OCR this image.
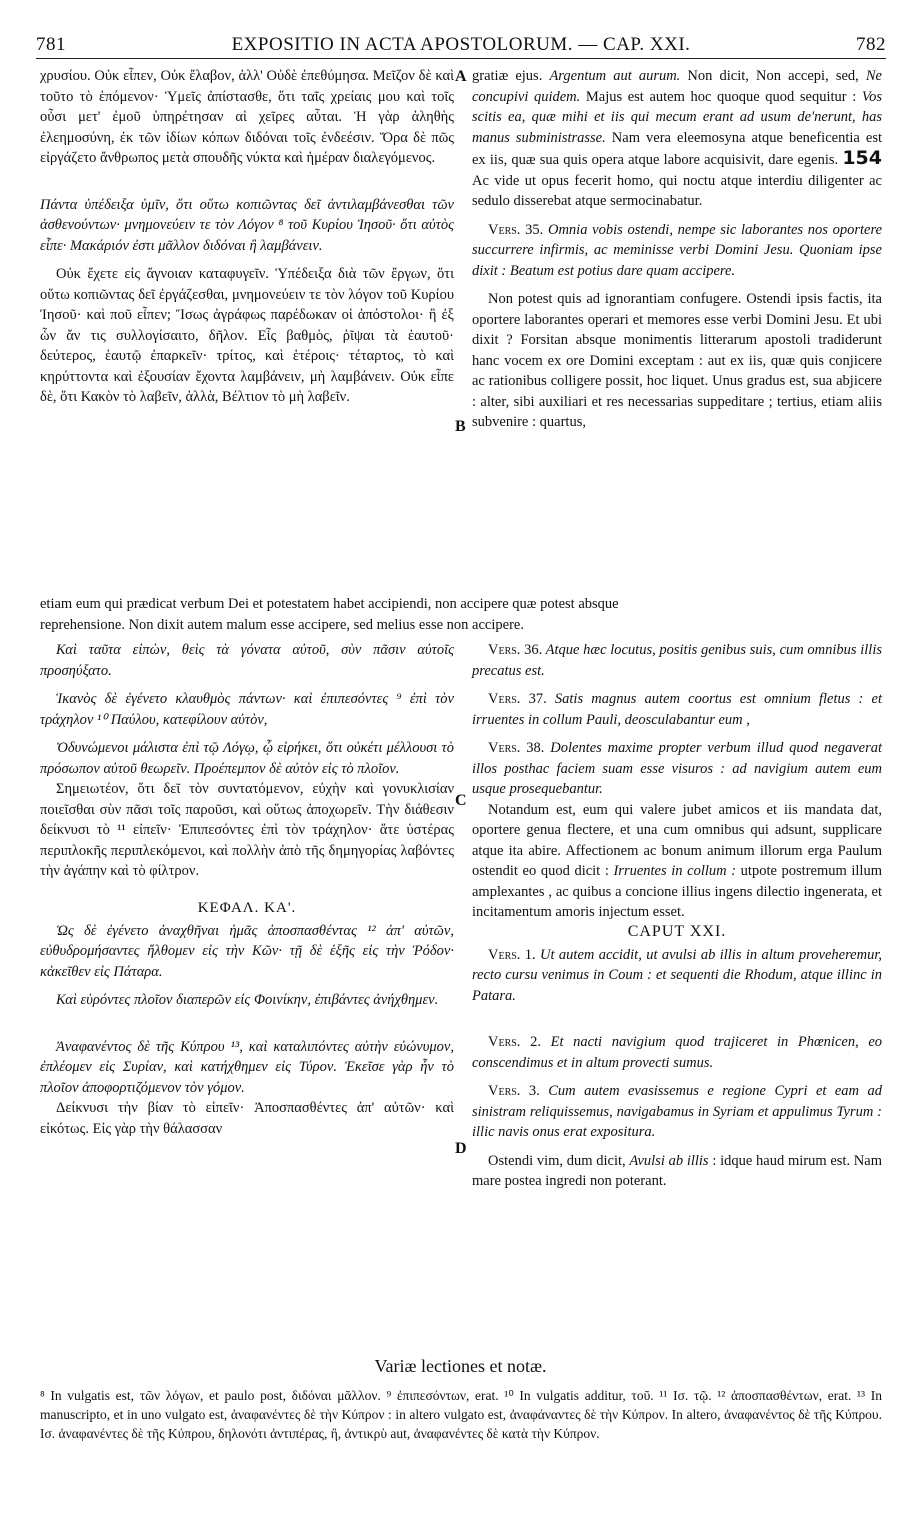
781	EXPOSITIO IN ACTA APOSTOLORUM. — CAP. XXI.	782
A
B
C
D

χρυσίου. Οὐκ εἶπεν, Οὐκ ἔλαβον, ἀλλ' Οὐδὲ ἐπεθύμησα. Μεῖζον δὲ καὶ τοῦτο τὸ ἑπόμενον· Ὑμεῖς ἀπίστασθε, ὅτι ταῖς χρείαις μου καὶ τοῖς οὖσι μετ' ἐμοῦ ὑπηρέτησαν αἱ χεῖρες αὗται. Ἡ γὰρ ἀληθὴς ἐλεημοσύνη, ἐκ τῶν ἰδίων κόπων διδόναι τοῖς ἐνδεέσιν. Ὅρα δὲ πῶς εἰργάζετο ἄνθρωπος μετὰ σπουδῆς νύκτα καὶ ἡμέραν διαλεγόμενος.

Πάντα ὑπέδειξα ὑμῖν, ὅτι οὕτω κοπιῶντας δεῖ ἀντιλαμβάνεσθαι τῶν ἀσθενούντων· μνημονεύειν τε τὸν Λόγον ⁸ τοῦ Κυρίου Ἰησοῦ· ὅτι αὐτὸς εἶπε· Μακάριόν ἐστι μᾶλλον διδόναι ἢ λαμβάνειν.

Οὐκ ἔχετε εἰς ἄγνοιαν καταφυγεῖν. Ὑπέδειξα διὰ τῶν ἔργων, ὅτι οὕτω κοπιῶντας δεῖ ἐργάζεσθαι, μνημονεύειν τε τὸν λόγον τοῦ Κυρίου Ἰησοῦ· καὶ ποῦ εἶπεν; Ἴσως ἀγράφως παρέδωκαν οἱ ἀπόστολοι· ἢ ἐξ ὧν ἄν τις συλλογίσαιτο, δῆλον. Εἷς βαθμὸς, ῥῖψαι τὰ ἑαυτοῦ· δεύτερος, ἑαυτῷ ἐπαρκεῖν· τρίτος, καὶ ἑτέροις· τέταρτος, τὸ καὶ κηρύττοντα καὶ ἐξουσίαν ἔχοντα λαμβάνειν, μὴ λαμβάνειν. Οὐκ εἶπε δὲ, ὅτι Κακὸν τὸ λαβεῖν, ἀλλὰ, Βέλτιον τὸ μὴ λαβεῖν.

gratiæ ejus. Argentum aut aurum. Non dicit, Non accepi, sed, Ne concupivi quidem. Majus est autem hoc quoque quod sequitur : Vos scitis ea, quæ mihi et iis qui mecum erant ad usum de'nerunt, has manus subministrasse. Nam vera eleemosyna atque beneficentia est ex iis, quæ sua quis opera atque labore acquisivit, dare egenis. 154 Ac vide ut opus fecerit homo, qui noctu atque interdiu diligenter ac sedulo disserebat atque sermocinabatur.

Vers. 35. Omnia vobis ostendi, nempe sic laborantes nos oportere succurrere infirmis, ac meminisse verbi Domini Jesu. Quoniam ipse dixit : Beatum est potius dare quam accipere.

Non potest quis ad ignorantiam confugere. Ostendi ipsis factis, ita oportere laborantes operari et memores esse verbi Domini Jesu. Et ubi dixit ? Forsitan absque monimentis litterarum apostoli tradiderunt hanc vocem ex ore Domini exceptam : aut ex iis, quæ quis conjicere ac rationibus colligere possit, hoc liquet. Unus gradus est, sua abjicere : alter, sibi auxiliari et res necessarias suppeditare ; tertius, etiam aliis subvenire : quartus,

etiam eum qui prædicat verbum Dei et potestatem habet accipiendi, non accipere quæ potest absque
reprehensione. Non dixit autem malum esse accipere, sed melius esse non accipere.

Καὶ ταῦτα εἰπὼν, θεὶς τὰ γόνατα αὐτοῦ, σὺν πᾶσιν αὐτοῖς προσηύξατο.

Ἱκανὸς δὲ ἐγένετο κλαυθμὸς πάντων· καὶ ἐπιπεσόντες ⁹ ἐπὶ τὸν τράχηλον ¹⁰ Παύλου, κατεφίλουν αὐτὸν,

Ὀδυνώμενοι μάλιστα ἐπὶ τῷ Λόγῳ, ᾧ εἰρήκει, ὅτι οὐκέτι μέλλουσι τὸ πρόσωπον αὐτοῦ θεωρεῖν. Προέπεμπον δὲ αὐτὸν εἰς τὸ πλοῖον.

Σημειωτέον, ὅτι δεῖ τὸν συντατόμενον, εὐχὴν καὶ γονυκλισίαν ποιεῖσθαι σὺν πᾶσι τοῖς παροῦσι, καὶ οὕτως ἀποχωρεῖν. Τὴν διάθεσιν δείκνυσι τὸ ¹¹ εἰπεῖν· Ἐπιπεσόντες ἐπὶ τὸν τράχηλον· ἅτε ὑστέρας περιπλοκῆς περιπλεκόμενοι, καὶ πολλὴν ἀπὸ τῆς δημηγορίας λαβόντες τὴν ἀγάπην καὶ τὸ φίλτρον.

ΚΕΦΑΛ. ΚΑ'.

Ὡς δὲ ἐγένετο ἀναχθῆναι ἡμᾶς ἀποσπασθέντας ¹² ἀπ' αὐτῶν, εὐθυδρομήσαντες ἤλθομεν εἰς τὴν Κῶν· τῇ δὲ ἑξῆς εἰς τὴν Ῥόδον· κἀκεῖθεν εἰς Πάταρα.

Καὶ εὑρόντες πλοῖον διαπερῶν εἰς Φοινίκην, ἐπιβάντες ἀνήχθημεν.

Ἀναφανέντος δὲ τῆς Κύπρου ¹³, καὶ καταλιπόντες αὐτὴν εὐώνυμον, ἐπλέομεν εἰς Συρίαν, καὶ κατήχθημεν εἰς Τύρον. Ἐκεῖσε γὰρ ἦν τὸ πλοῖον ἀποφορτιζόμενον τὸν γόμον.

Δείκνυσι τὴν βίαν τὸ εἰπεῖν· Ἀποσπασθέντες ἀπ' αὐτῶν· καὶ εἰκότως. Εἰς γὰρ τὴν θάλασσαν

Vers. 36. Atque hæc locutus, positis genibus suis, cum omnibus illis precatus est.

Vers. 37. Satis magnus autem coortus est omnium fletus : et irruentes in collum Pauli, deosculabantur eum ,

Vers. 38. Dolentes maxime propter verbum illud quod negaverat illos posthac faciem suam esse visuros : ad navigium autem eum usque prosequebantur.

Notandum est, eum qui valere jubet amicos et iis mandata dat, oportere genua flectere, et una cum omnibus qui adsunt, supplicare atque ita abire. Affectionem ac bonum animum illorum erga Paulum ostendit eo quod dicit : Irruentes in collum : utpote postremum illum amplexantes , ac quibus a concione illius ingens dilectio ingenerata, et incitamentum amoris injectum esset.

CAPUT XXI.

Vers. 1. Ut autem accidit, ut avulsi ab illis in altum proveheremur, recto cursu venimus in Coum : et sequenti die Rhodum, atque illinc in Patara.

Vers. 2. Et nacti navigium quod trajiceret in Phœnicen, eo conscendimus et in altum provecti sumus.

Vers. 3. Cum autem evasissemus e regione Cypri et eam ad sinistram reliquissemus, navigabamus in Syriam et appulimus Tyrum : illic navis onus erat expositura.

Ostendi vim, dum dicit, Avulsi ab illis : idque haud mirum est. Nam mare postea ingredi non poterant.

Variæ lectiones et notæ.

⁸ In vulgatis est, τῶν λόγων, et paulo post, διδόναι μᾶλλον. ⁹ ἐπιπεσόντων, erat. ¹⁰ In vulgatis additur, τοῦ. ¹¹ Ισ. τῷ. ¹² ἀποσπασθέντων, erat. ¹³ In manuscripto, et in uno vulgato est, ἀναφανέντες δὲ τὴν Κύπρον : in altero vulgato est, ἀναφάναντες δὲ τὴν Κύπρον. In altero, ἀναφανέντος δὲ τῆς Κύπρου. Ισ. ἀναφανέντες δὲ τῆς Κύπρου, δηλονότι ἀντιπέρας, ἢ, ἀντικρὺ aut, ἀναφανέντες δὲ κατὰ τὴν Κύπρον.
